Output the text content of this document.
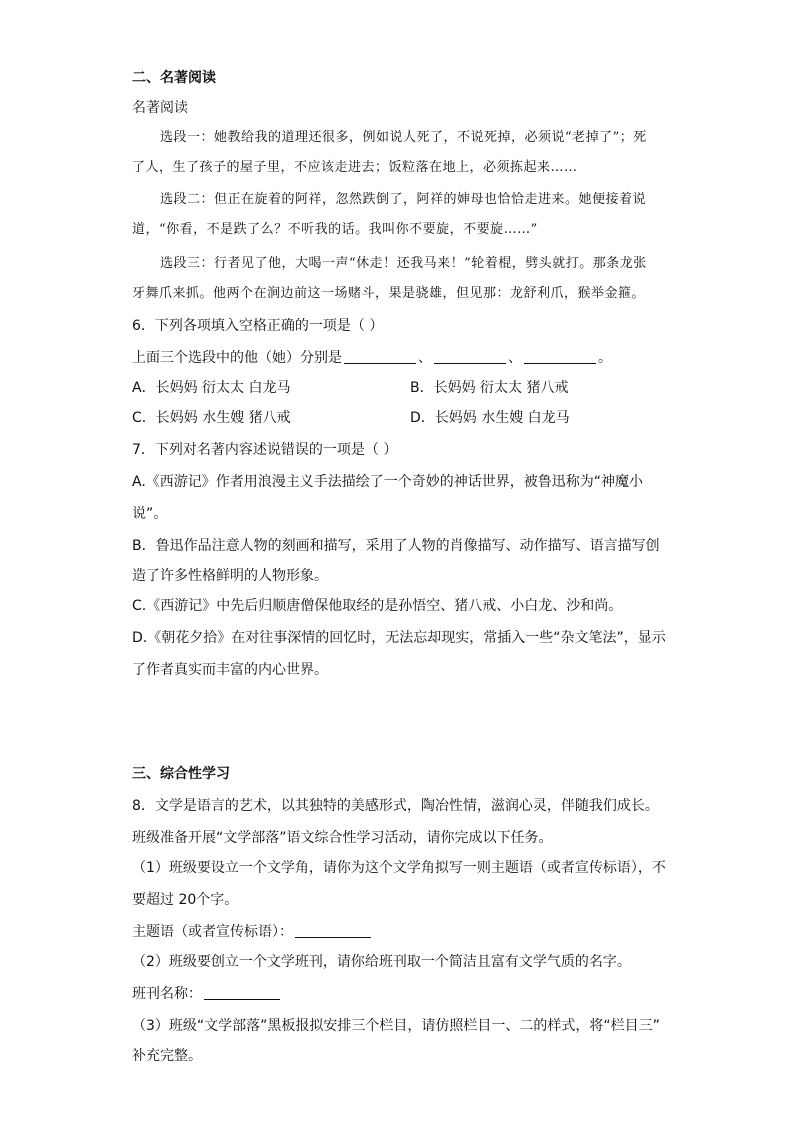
二、名著阅读
名著阅读
选段一：她教给我的道理还很多，例如说人死了，不说死掉，必须说“老掉了”；死
了人，生了孩子的屋子里，不应该走进去；饭粒落在地上，必须拣起来……
选段二：但正在旋着的阿祥，忽然跌倒了，阿祥的婶母也恰恰走进来。她便接着说
道，“你看，不是跌了么？不听我的话。我叫你不要旋，不要旋……”
选段三：行者见了他，大喝一声“休走！还我马来！”轮着棍，劈头就打。那条龙张
牙舞爪来抓。他两个在涧边前这一场赌斗，果是骁雄，但见那：龙舒利爪，猴举金箍。
6．下列各项填入空格正确的一项是（ ）
上面三个选段中的他（她）分别是	、	、	。
A．长妈妈 衍太太 白龙马	B．长妈妈 衍太太 猪八戒
C．长妈妈 水生嫂 猪八戒	D．长妈妈 水生嫂 白龙马
7．下列对名著内容述说错误的一项是（ ）
A.《西游记》作者用浪漫主义手法描绘了一个奇妙的神话世界，被鲁迅称为“神魔小
说”。
B．鲁迅作品注意人物的刻画和描写，采用了人物的肖像描写、动作描写、语言描写创
造了许多性格鲜明的人物形象。
C.《西游记》中先后归顺唐僧保他取经的是孙悟空、猪八戒、小白龙、沙和尚。
D.《朝花夕拾》在对往事深情的回忆时，无法忘却现实，常插入一些“杂文笔法”，显示
了作者真实而丰富的内心世界。
三、综合性学习
8．文学是语言的艺术，以其独特的美感形式，陶冶性情，滋润心灵，伴随我们成长。
班级准备开展“文学部落”语文综合性学习活动，请你完成以下任务。
（1）班级要设立一个文学角，请你为这个文学角拟写一则主题语（或者宣传标语），不
要超过 20个字。
主题语（或者宣传标语）：
（2）班级要创立一个文学班刊，请你给班刊取一个简洁且富有文学气质的名字。
班刊名称：
（3）班级“文学部落”黑板报拟安排三个栏目，请仿照栏目一、二的样式，将“栏目三”
补充完整。
